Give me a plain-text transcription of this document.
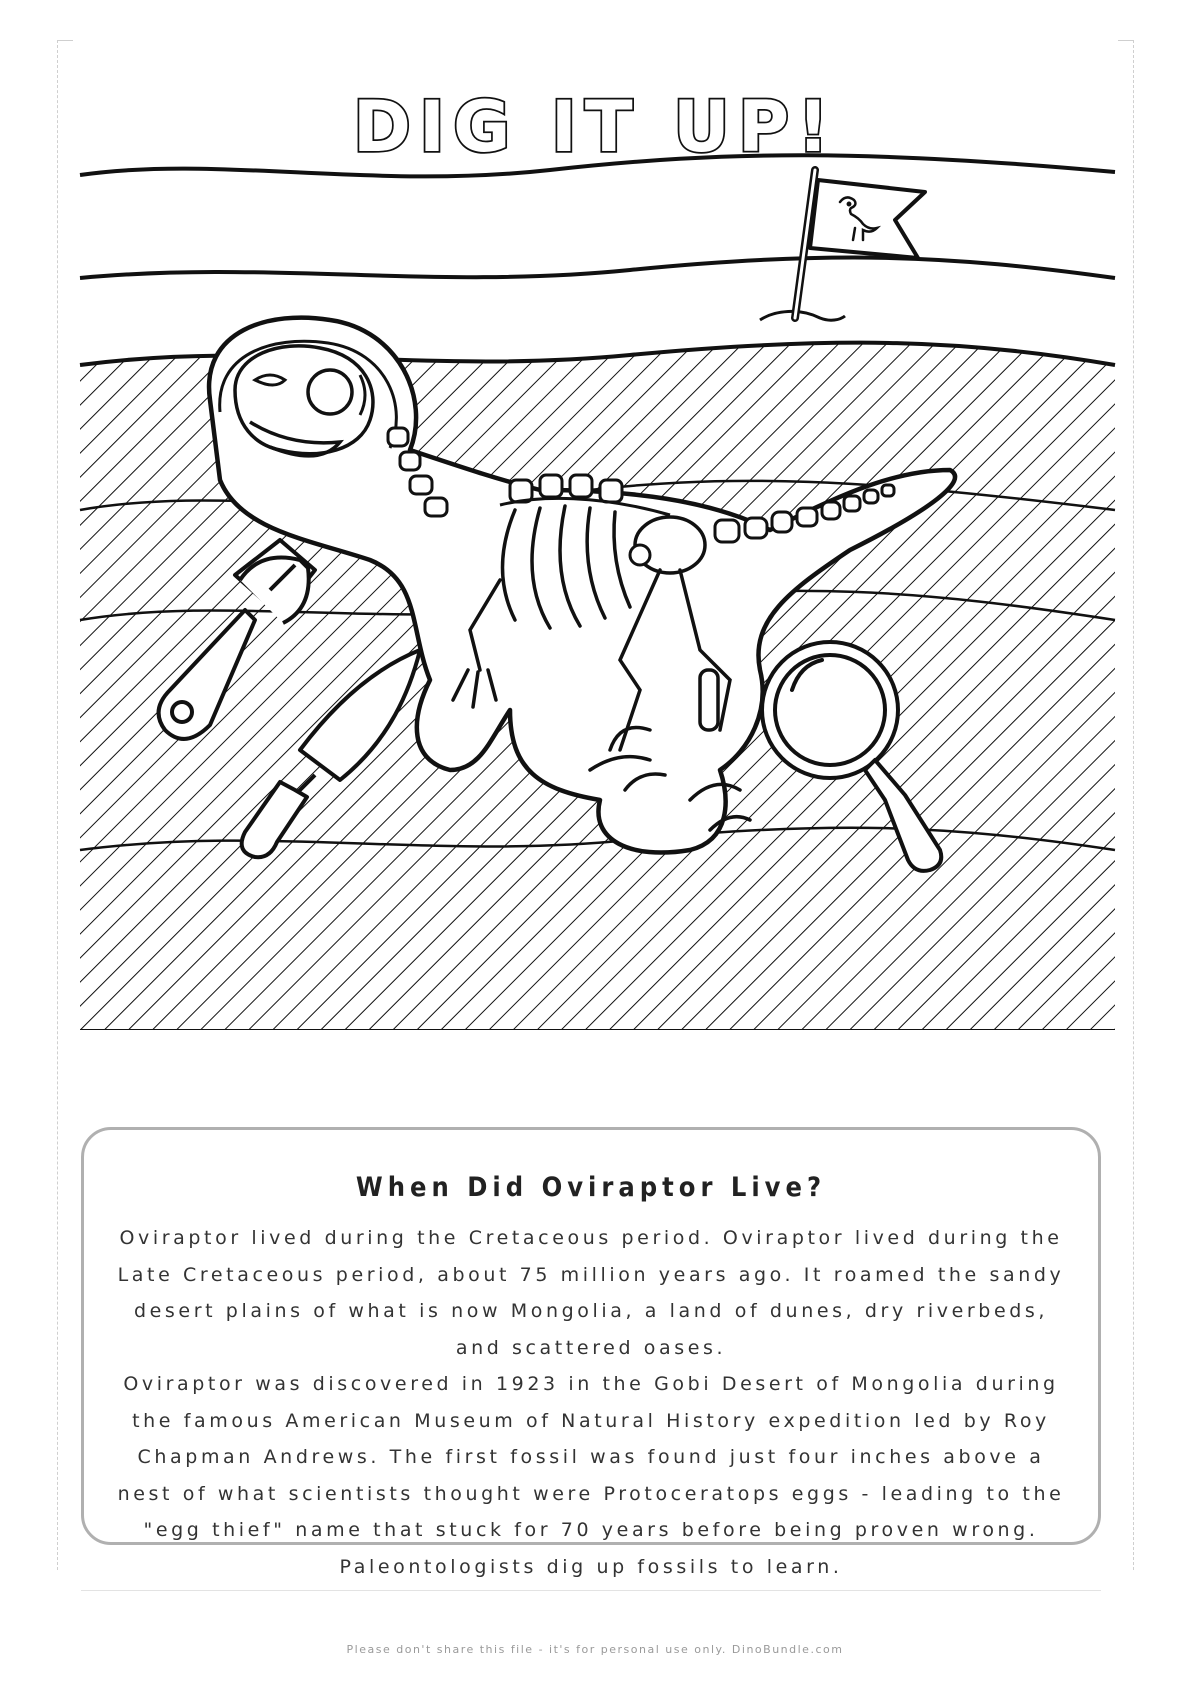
DIG IT UP!
When Did Oviraptor Live?

Oviraptor lived during the Cretaceous period. Oviraptor lived during the Late Cretaceous period, about 75 million years ago. It roamed the sandy desert plains of what is now Mongolia, a land of dunes, dry riverbeds, and scattered oases.

Oviraptor was discovered in 1923 in the Gobi Desert of Mongolia during the famous American Museum of Natural History expedition led by Roy Chapman Andrews. The first fossil was found just four inches above a nest of what scientists thought were Protoceratops eggs - leading to the "egg thief" name that stuck for 70 years before being proven wrong. Paleontologists dig up fossils to learn.

Please don't share this file - it's for personal use only. DinoBundle.com
